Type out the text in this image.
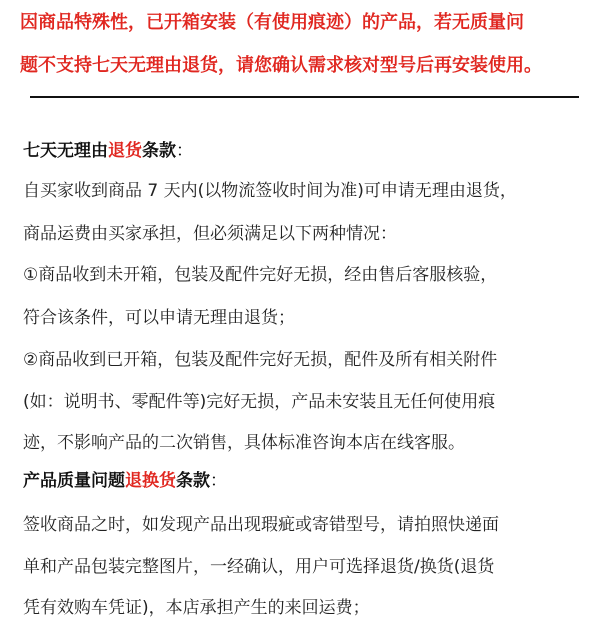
因商品特殊性，已开箱安装（有使用痕迹）的产品，若无质量问
题不支持七天无理由退货，请您确认需求核对型号后再安装使用。
七天无理由退货条款：
自买家收到商品 7 天内(以物流签收时间为准)可申请无理由退货，
商品运费由买家承担，但必须满足以下两种情况：
①商品收到未开箱，包装及配件完好无损，经由售后客服核验，
符合该条件，可以申请无理由退货；
②商品收到已开箱，包装及配件完好无损，配件及所有相关附件
(如：说明书、零配件等)完好无损，产品未安装且无任何使用痕
迹，不影响产品的二次销售，具体标准咨询本店在线客服。
产品质量问题退换货条款：
签收商品之时，如发现产品出现瑕疵或寄错型号，请拍照快递面
单和产品包装完整图片，一经确认，用户可选择退货/换货(退货
凭有效购车凭证)，本店承担产生的来回运费；
